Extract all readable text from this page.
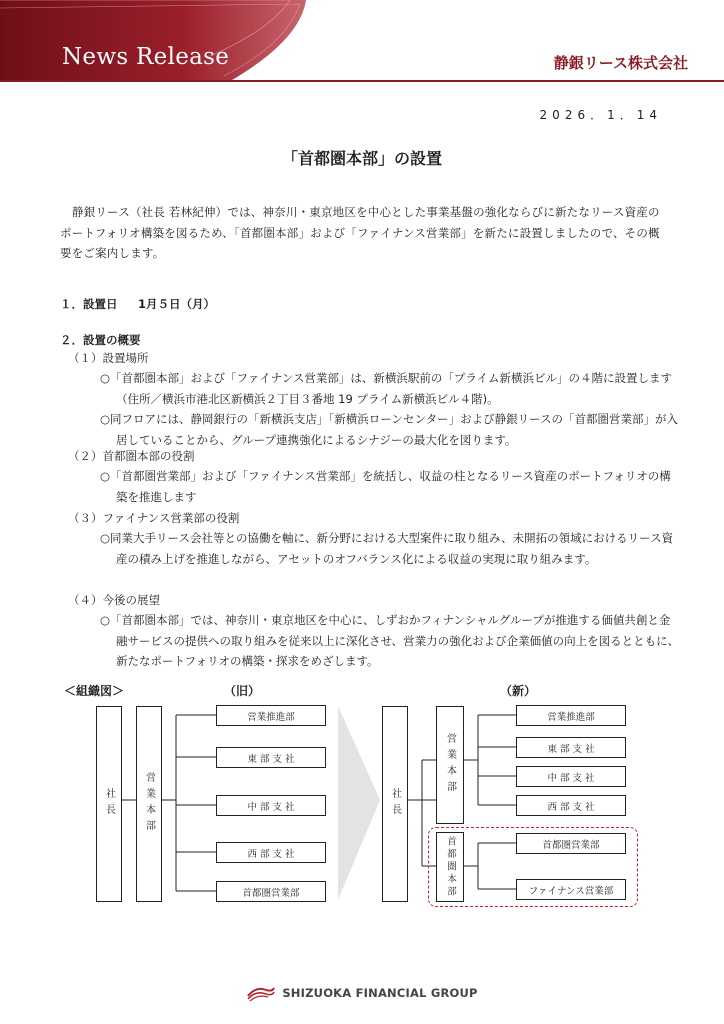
News Release	静銀リース株式会社
2026．1．14
「首都圏本部」の設置
静銀リース（社長 若林紀伸）では、神奈川・東京地区を中心とした事業基盤の強化ならびに新たなリース資産のポートフォリオ構築を図るため、「首都圏本部」および「ファイナンス営業部」を新たに設置しましたので、その概要をご案内します。
１．設置日 1月５日（月）
２．設置の概要
（１）設置場所
○「首都圏本部」および「ファイナンス営業部」は、新横浜駅前の「プライム新横浜ビル」の４階に設置します（住所／横浜市港北区新横浜２丁目３番地 19 プライム新横浜ビル４階)。
○同フロアには、静岡銀行の「新横浜支店」「新横浜ローンセンター」および静銀リースの「首都圏営業部」が入居していることから、グループ連携強化によるシナジーの最大化を図ります。
（２）首都圏本部の役割
○「首都圏営業部」および「ファイナンス営業部」を統括し、収益の柱となるリース資産のポートフォリオの構築を推進します
（３）ファイナンス営業部の役割
○同業大手リース会社等との協働を軸に、新分野における大型案件に取り組み、未開拓の領域におけるリース資産の積み上げを推進しながら、アセットのオフバランス化による収益の実現に取り組みます。
（４）今後の展望
○「首都圏本部」では、神奈川・東京地区を中心に、しずおかフィナンシャルグループが推進する価値共創と金融サービスの提供への取り組みを従来以上に深化させ、営業力の強化および企業価値の向上を図るとともに、新たなポートフォリオの構築・探求をめざします。
＜組織図＞	（旧）	（新）
社長	営業本部
営業推進部
東 部 支 社
中 部 支 社
西 部 支 社
首都圏営業部
社長
営業本部
営業推進部
東 部 支 社
中 部 支 社
西 部 支 社
首都圏本部	首都圏営業部
ファイナンス営業部
SHIZUOKA FINANCIAL GROUP
